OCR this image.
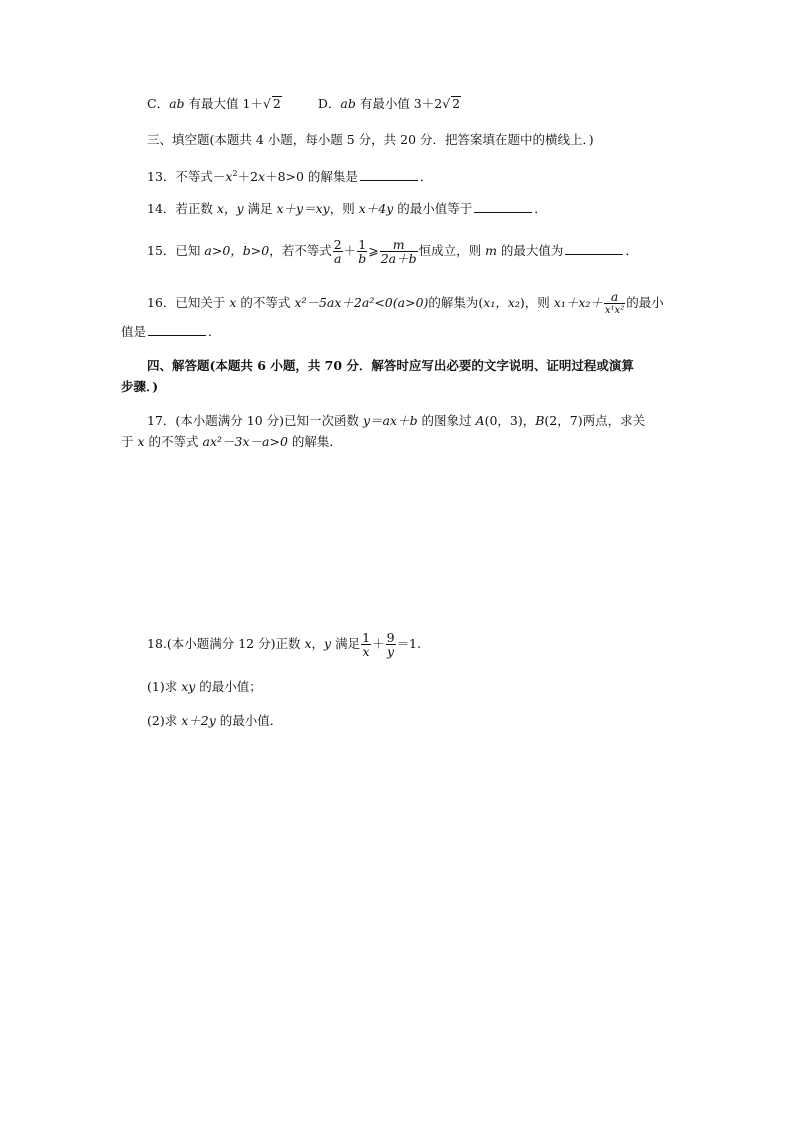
C．ab 有最大值 1＋√ 2	D．ab 有最小值 3＋2√ 2
三、填空题(本题共 4 小题，每小题 5 分，共 20 分．把答案填在题中的横线上．)
13．不等式$-x^2+2x+8>0$ 的解集是	．
14．若正数 x，y 满足 x＋y＝xy，则 x＋4y 的最小值等于	．
15．已知 a>0，b>0，若不等式 $\frac{2}{a} + \frac{1}{b}$ ⩾ $\frac{m}{2a+b}$ 恒成立，则 m 的最大值为	．
16．已知关于 x 的不等式 x²－5ax＋2a²<0(a>0)的解集为(x₁，x₂)，则 $x_1+x_2+ \frac{a}{\text{x¹x²}}$ 的最小
值是	．
四、解答题(本题共 6 小题，共 70 分．解答时应写出必要的文字说明、证明过程或演算
步骤．)
17．(本小题满分 10 分)已知一次函数 y＝ax＋b 的图象过 A(0，3)，B(2，7)两点，求关
于 x 的不等式 ax²－3x－a>0 的解集．
18.(本小题满分 12 分)正数 x，y 满足 $\frac{1}{x} + \frac{9}{y} =1$.
(1)求 xy 的最小值；
(2)求 x＋2y 的最小值．
